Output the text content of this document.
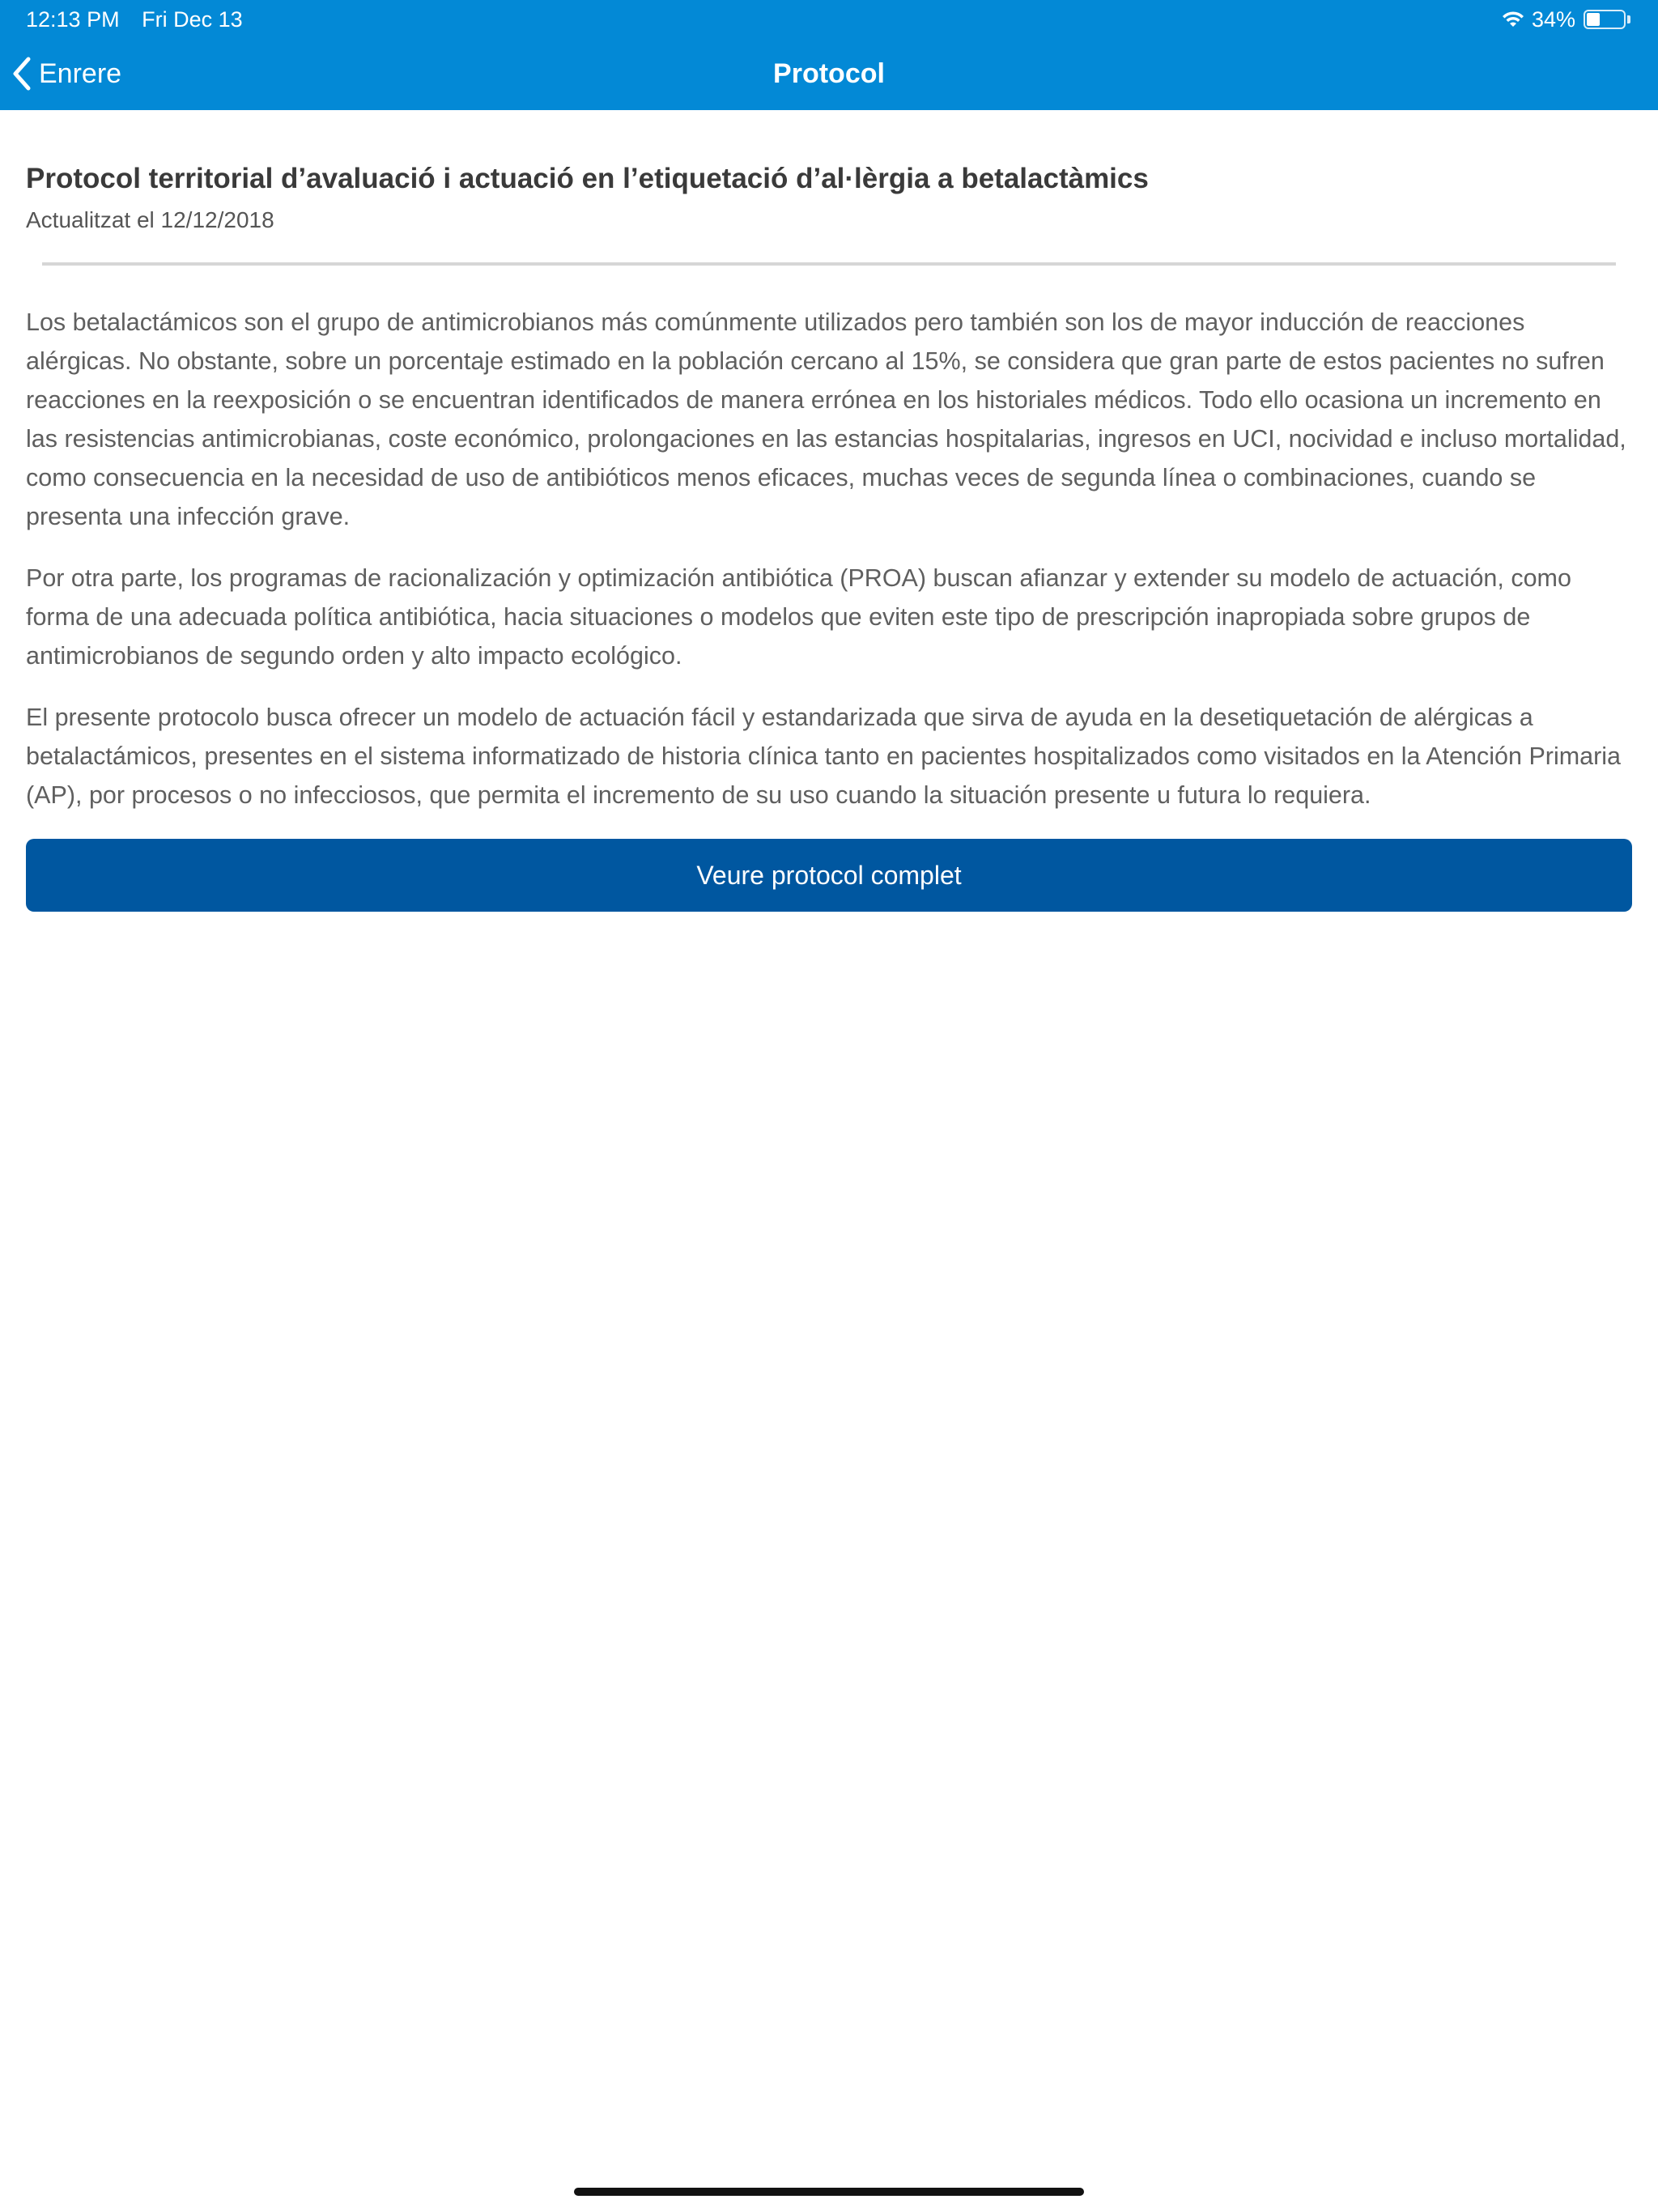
12:13 PM Fri Dec 13	34%
Enrere	Protocol
Protocol territorial d’avaluació i actuació en l’etiquetació d’al·lèrgia a betalactàmics
Actualitzat el 12/12/2018

Los betalactámicos son el grupo de antimicrobianos más comúnmente utilizados pero también son los de mayor inducción de reacciones alérgicas. No obstante, sobre un porcentaje estimado en la población cercano al 15%, se considera que gran parte de estos pacientes no sufren reacciones en la reexposición o se encuentran identificados de manera errónea en los historiales médicos. Todo ello ocasiona un incremento en las resistencias antimicrobianas, coste económico, prolongaciones en las estancias hospitalarias, ingresos en UCI, nocividad e incluso mortalidad, como consecuencia en la necesidad de uso de antibióticos menos eficaces, muchas veces de segunda línea o combinaciones, cuando se presenta una infección grave.

Por otra parte, los programas de racionalización y optimización antibiótica (PROA) buscan afianzar y extender su modelo de actuación, como forma de una adecuada política antibiótica, hacia situaciones o modelos que eviten este tipo de prescripción inapropiada sobre grupos de antimicrobianos de segundo orden y alto impacto ecológico.

El presente protocolo busca ofrecer un modelo de actuación fácil y estandarizada que sirva de ayuda en la desetiquetación de alérgicas a betalactámicos, presentes en el sistema informatizado de historia clínica tanto en pacientes hospitalizados como visitados en la Atención Primaria (AP), por procesos o no infecciosos, que permita el incremento de su uso cuando la situación presente u futura lo requiera.

Veure protocol complet
